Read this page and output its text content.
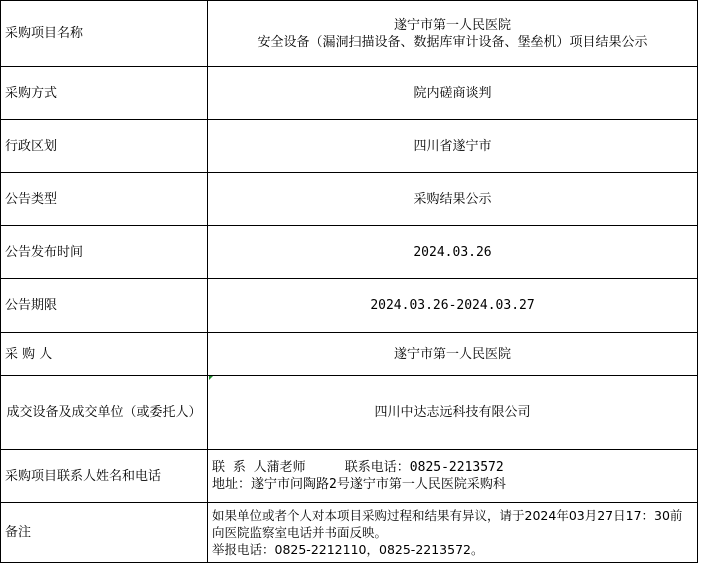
采购项目名称	遂宁市第一人民医院
安全设备（漏洞扫描设备、数据库审计设备、堡垒机）项目结果公示

采购方式	院内磋商谈判
行政区划	四川省遂宁市
公告类型	采购结果公示
公告发布时间	2024.03.26
公告期限	2024.03.26-2024.03.27
采 购 人	遂宁市第一人民医院
成交设备及成交单位（或委托人）	四川中达志远科技有限公司
采购项目联系人姓名和电话	联 系 人蒲老师     联系电话：0825-2213572
地址：遂宁市问陶路2号遂宁市第一人民医院采购科

备注	如果单位或者个人对本项目采购过程和结果有异议，请于2024年03月27日17：30前向医院监察室电话并书面反映。
举报电话：0825-2212110，0825-2213572。
